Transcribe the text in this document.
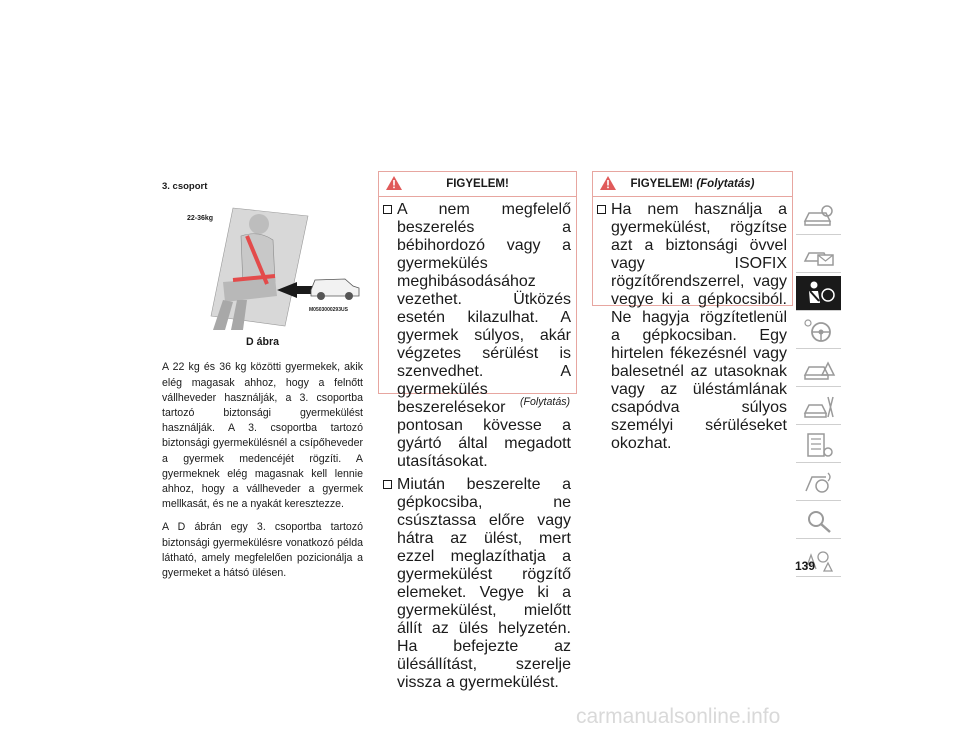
3. csoport
22-36kg
M0503000293US
D ábra

A 22 kg és 36 kg közötti gyermekek, akik elég magasak ahhoz, hogy a felnőtt vállheveder használják, a 3. csoportba tartozó biztonsági gyermekülést használják. A 3. csoportba tartozó biztonsági gyermekülésnél a csípőheveder a gyermek medencéjét rögzíti. A gyermeknek elég magasnak kell lennie ahhoz, hogy a vállheveder a gyermek mellkasát, és ne a nyakát keresztezze.

A D ábrán egy 3. csoportba tartozó biztonsági gyermekülésre vonatkozó példa látható, amely megfelelően pozicionálja a gyermeket a hátsó ülésen.

FIGYELEM!
A nem megfelelő beszerelés a bébihordozó vagy a gyermekülés meghibásodásához vezethet. Ütközés esetén kilazulhat. A gyermek súlyos, akár végzetes sérülést is szenvedhet. A gyermekülés beszerelésekor pontosan kövesse a gyártó által megadott utasításokat.
Miután beszerelte a gépkocsiba, ne csúsztassa előre vagy hátra az ülést, mert ezzel meglazíthatja a gyermekülést rögzítő elemeket. Vegye ki a gyermekülést, mielőtt állít az ülés helyzetén. Ha befejezte az ülésállítást, szerelje vissza a gyermekülést.
(Folytatás)
FIGYELEM! (Folytatás)
Ha nem használja a gyermekülést, rögzítse azt a biztonsági övvel vagy ISOFIX rögzítőrendszerrel, vagy vegye ki a gépkocsiból. Ne hagyja rögzítetlenül a gépkocsiban. Egy hirtelen fékezésnél vagy balesetnél az utasoknak vagy az üléstámlának csapódva súlyos személyi sérüléseket okozhat.
139
carmanualsonline.info
